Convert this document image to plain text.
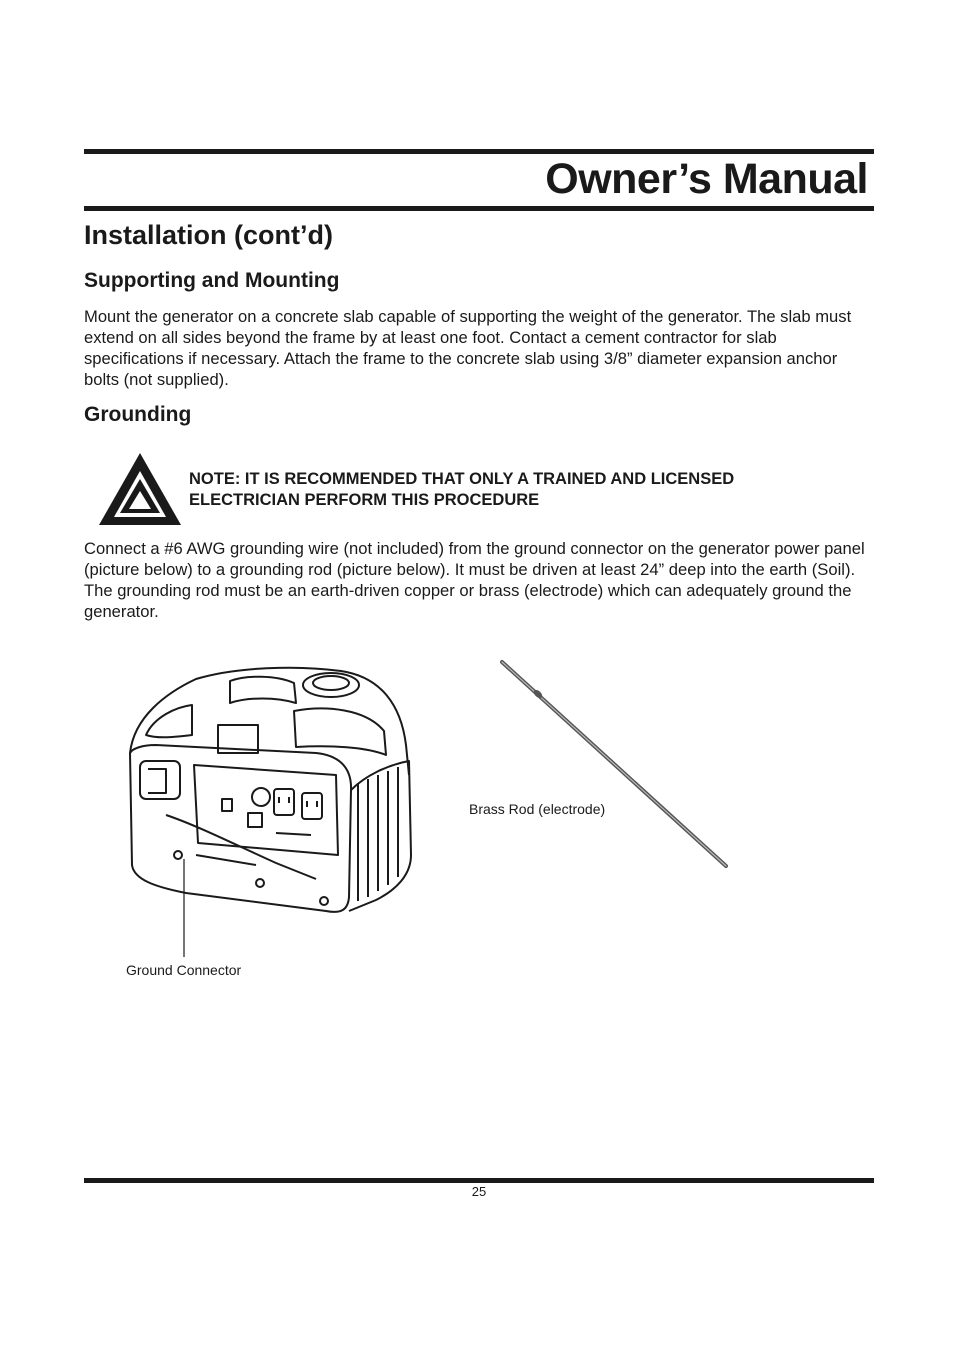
Owner’s Manual
Installation (cont’d)
Supporting and Mounting

Mount the generator on a concrete slab capable of supporting the weight of the generator. The slab must extend on all sides beyond the frame by at least one foot. Contact a cement contractor for slab specifications if necessary. Attach the frame to the concrete slab using 3/8” diameter expansion anchor bolts (not supplied).

Grounding
NOTE: IT IS RECOMMENDED THAT ONLY A TRAINED AND LICENSED ELECTRICIAN PERFORM THIS PROCEDURE

Connect a #6 AWG grounding wire (not included) from the ground connector on the generator power panel (picture below) to a grounding rod (picture below). It must be driven at least 24” deep into the earth (Soil). The grounding rod must be an earth-driven copper or brass (electrode) which can adequately ground the generator.

Ground Connector
Brass Rod (electrode)
25
